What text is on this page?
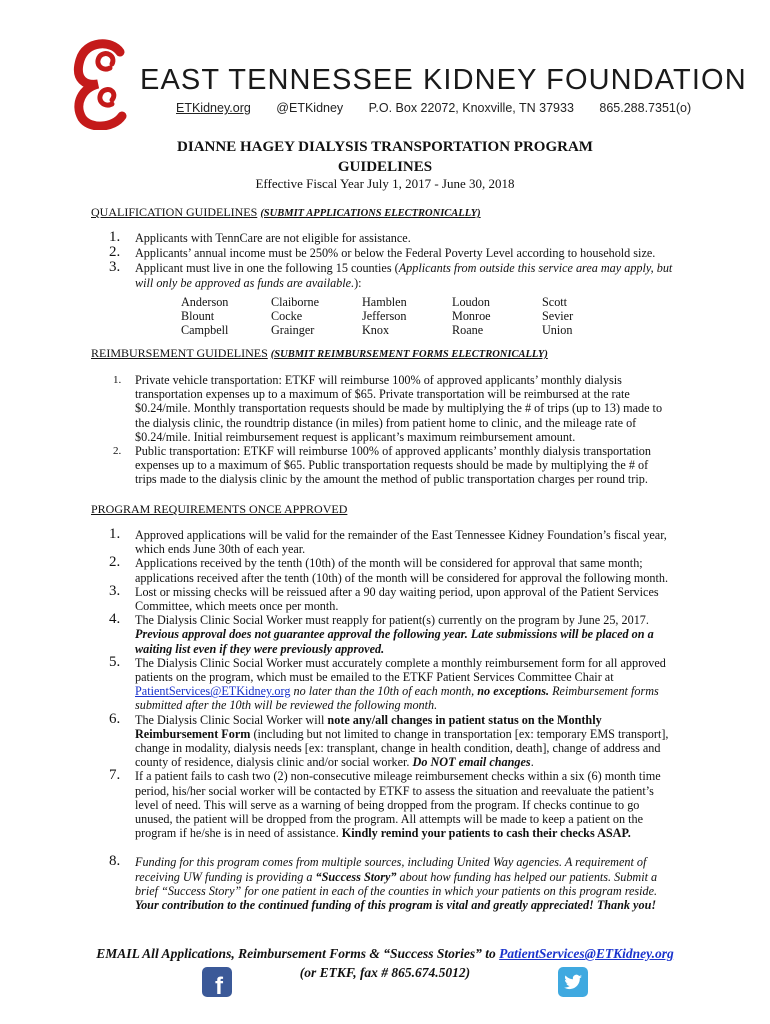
EAST TENNESSEE KIDNEY FOUNDATION
ETKidney.org @ETKidney P.O. Box 22072, Knoxville, TN 37933 865.288.7351(o)
DIANNE HAGEY DIALYSIS TRANSPORTATION PROGRAM
GUIDELINES
Effective Fiscal Year July 1, 2017 - June 30, 2018
QUALIFICATION GUIDELINES (SUBMIT APPLICATIONS ELECTRONICALLY)
1. Applicants with TennCare are not eligible for assistance.
2. Applicants’ annual income must be 250% or below the Federal Poverty Level according to household size.
3. Applicant must live in one the following 15 counties (Applicants from outside this service area may apply, but will only be approved as funds are available.):
Anderson
Blount
Campbell
Claiborne
Cocke
Grainger
Hamblen
Jefferson
Knox
Loudon
Monroe
Roane
Scott
Sevier
Union
REIMBURSEMENT GUIDELINES (SUBMIT REIMBURSEMENT FORMS ELECTRONICALLY)
1. Private vehicle transportation: ETKF will reimburse 100% of approved applicants’ monthly dialysis transportation expenses up to a maximum of $65. Private transportation will be reimbursed at the rate $0.24/mile. Monthly transportation requests should be made by multiplying the # of trips (up to 13) made to the dialysis clinic, the roundtrip distance (in miles) from patient home to clinic, and the mileage rate of $0.24/mile. Initial reimbursement request is applicant’s maximum reimbursement amount.
2. Public transportation: ETKF will reimburse 100% of approved applicants’ monthly dialysis transportation expenses up to a maximum of $65. Public transportation requests should be made by multiplying the # of trips made to the dialysis clinic by the amount the method of public transportation charges per round trip.
PROGRAM REQUIREMENTS ONCE APPROVED
1. Approved applications will be valid for the remainder of the East Tennessee Kidney Foundation’s fiscal year, which ends June 30th of each year.
2. Applications received by the tenth (10th) of the month will be considered for approval that same month; applications received after the tenth (10th) of the month will be considered for approval the following month.
3. Lost or missing checks will be reissued after a 90 day waiting period, upon approval of the Patient Services Committee, which meets once per month.
4. The Dialysis Clinic Social Worker must reapply for patient(s) currently on the program by June 25, 2017. Previous approval does not guarantee approval the following year. Late submissions will be placed on a waiting list even if they were previously approved.
5. The Dialysis Clinic Social Worker must accurately complete a monthly reimbursement form for all approved patients on the program, which must be emailed to the ETKF Patient Services Committee Chair at PatientServices@ETKidney.org no later than the 10th of each month, no exceptions. Reimbursement forms submitted after the 10th will be reviewed the following month.
6. The Dialysis Clinic Social Worker will note any/all changes in patient status on the Monthly Reimbursement Form (including but not limited to change in transportation [ex: temporary EMS transport], change in modality, dialysis needs [ex: transplant, change in health condition, death], change of address and county of residence, dialysis clinic and/or social worker. Do NOT email changes.
7. If a patient fails to cash two (2) non-consecutive mileage reimbursement checks within a six (6) month time period, his/her social worker will be contacted by ETKF to assess the situation and reevaluate the patient’s level of need. This will serve as a warning of being dropped from the program. If checks continue to go unused, the patient will be dropped from the program. All attempts will be made to keep a patient on the program if he/she is in need of assistance. Kindly remind your patients to cash their checks ASAP.
8. Funding for this program comes from multiple sources, including United Way agencies. A requirement of receiving UW funding is providing a “Success Story” about how funding has helped our patients. Submit a brief “Success Story” for one patient in each of the counties in which your patients on this program reside. Your contribution to the continued funding of this program is vital and greatly appreciated! Thank you!
EMAIL All Applications, Reimbursement Forms & “Success Stories” to PatientServices@ETKidney.org
(or ETKF, fax # 865.674.5012)
f
